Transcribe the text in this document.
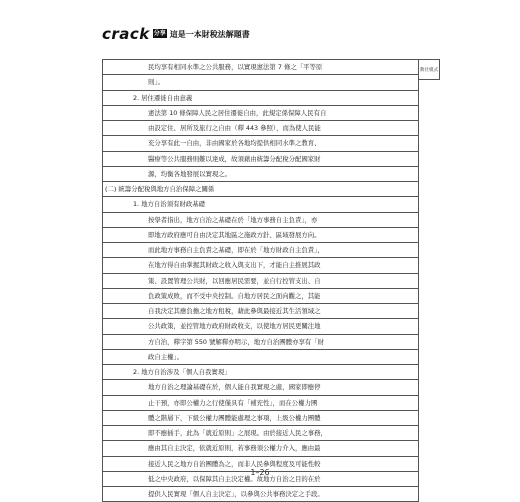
crack 分享 這是一本財稅法解題書
民均享有相同水準之公共服務，以實現憲法第 7 條之「平等原
則」。
2. 居住遷徙自由意義
憲法第 10 條保障人民之居住遷徙自由，此規定係保障人民有自
由設定住、居所及旅行之自由（釋 443 參照），而為使人民能
充分享有此一自由，非由國家於各地均提供相同水準之教育、
醫療等公共服務則難以達成，故須藉由統籌分配稅分配國家財
源，均衡各地發展以實現之。
(二) 統籌分配稅與地方自治保障之關係
1. 地方自治須有財政基礎
按學者指出，地方自治之基礎在於「地方事務自主負責」，亦
即地方政府應可自由決定其地區之施政方針、區域發展方向。
而此地方事務自主負責之基礎，即在於「地方財政自主負責」，
在地方得自由掌握其財政之收入與支出下，才能自主推展其政
策、設置管理公共財，以回應居民需要，並自行控管支出、自
負政策成敗，而不受中央控制。自地方居民之面向觀之，其能
自我決定其應負擔之地方租稅，藉此參與最接近其生活領域之
公共政策，並控管地方政府財政收支，以使地方居民更關注地
方自治，釋字第 550 號解釋亦明示，地方自治團體亦享有「財
政自主權」。
2. 地方自治涉及「個人自我實現」
地方自治之理論基礎在於，個人能自我實現之處，國家即應停
止干預，亦即公權力之行使僅具有「補充性」，而在公權力團
體之階層下，下級公權力團體能處理之事項，上級公權力團體
即不應插手，此為「就近原則」之展現。由於接近人民之事務，
應由其自主決定，依就近原則，若事務須公權力介入，應由最
接近人民之地方自治團體為之，而非人民參與程度及可能性較
低之中央政府，以保障其自主決定權。故地方自治之目的在於
提供人民實現「個人自主決定」，以參與公共事務決定之手段。
教社模式
1–26
